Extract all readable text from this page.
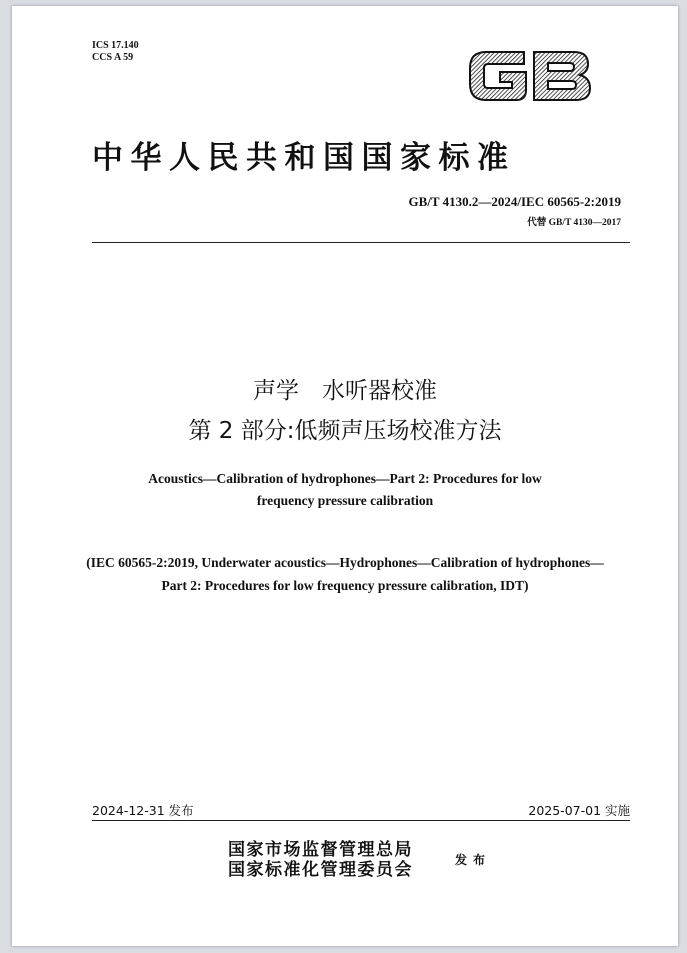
ICS 17.140
CCS A 59
中华人民共和国国家标准
GB/T 4130.2—2024/IEC 60565-2:2019
代替 GB/T 4130—2017
声学　水听器校准
第 2 部分:低频声压场校准方法
Acoustics—Calibration of hydrophones—Part 2: Procedures for low frequency pressure calibration
(IEC 60565-2:2019, Underwater acoustics—Hydrophones—Calibration of hydrophones—Part 2: Procedures for low frequency pressure calibration, IDT)
2024-12-31 发布	2025-07-01 实施
国家市场监督管理总局
国家标准化管理委员会	发布
